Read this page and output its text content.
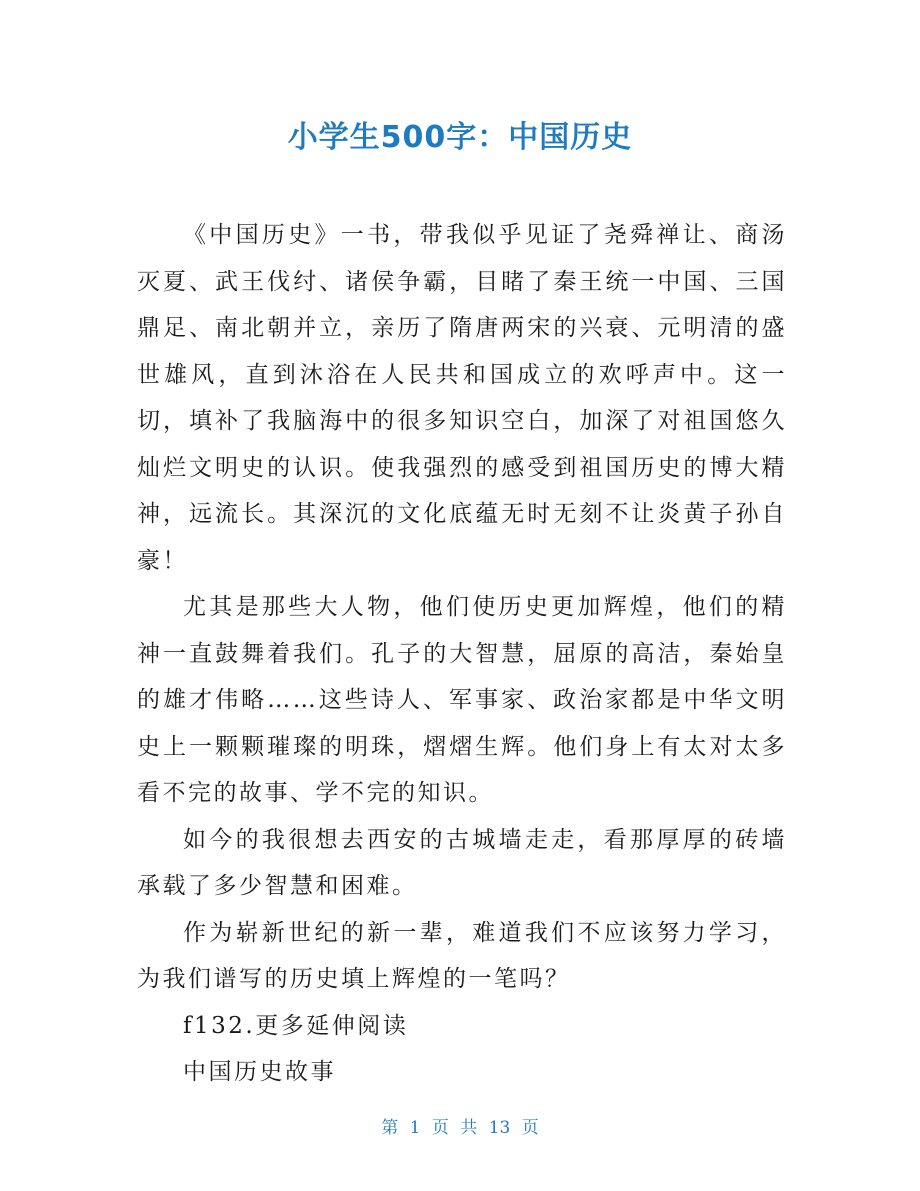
小学生500字：中国历史

《中国历史》一书，带我似乎见证了尧舜禅让、商汤灭夏、武王伐纣、诸侯争霸，目睹了秦王统一中国、三国鼎足、南北朝并立，亲历了隋唐两宋的兴衰、元明清的盛世雄风，直到沐浴在人民共和国成立的欢呼声中。这一切，填补了我脑海中的很多知识空白，加深了对祖国悠久灿烂文明史的认识。使我强烈的感受到祖国历史的博大精神，远流长。其深沉的文化底蕴无时无刻不让炎黄子孙自豪！

尤其是那些大人物，他们使历史更加辉煌，他们的精神一直鼓舞着我们。孔子的大智慧，屈原的高洁，秦始皇的雄才伟略……这些诗人、军事家、政治家都是中华文明史上一颗颗璀璨的明珠，熠熠生辉。他们身上有太对太多看不完的故事、学不完的知识。

如今的我很想去西安的古城墙走走，看那厚厚的砖墙承载了多少智慧和困难。

作为崭新世纪的新一辈，难道我们不应该努力学习，为我们谱写的历史填上辉煌的一笔吗？

f132.更多延伸阅读

中国历史故事

第 1 页 共 13 页
